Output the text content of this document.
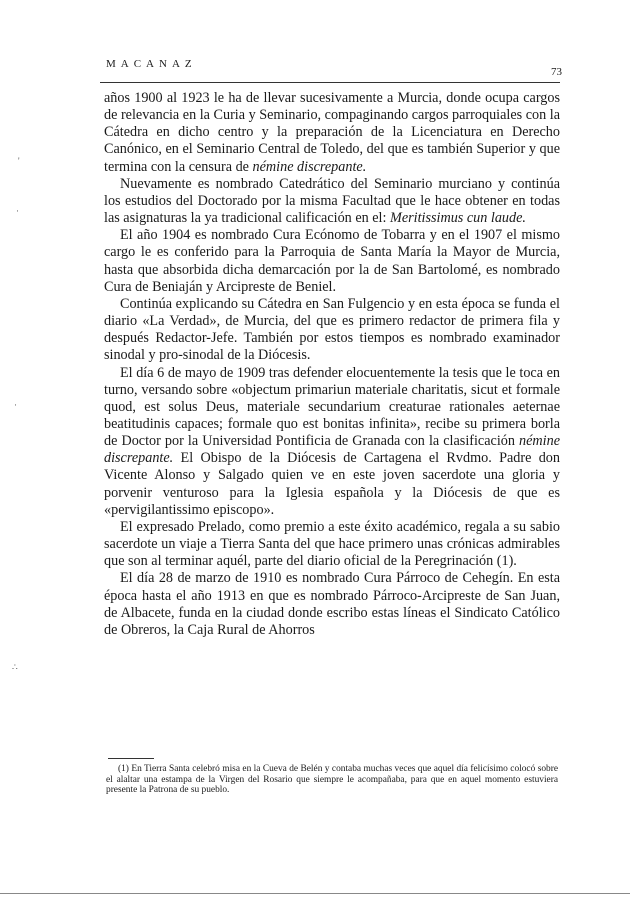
MACANAZ
73
'
·
·
∴

años 1900 al 1923 le ha de llevar sucesivamente a Murcia, donde ocupa cargos de relevancia en la Curia y Seminario, compaginando cargos parroquiales con la Cátedra en dicho centro y la preparación de la Licenciatura en Derecho Canónico, en el Seminario Central de Toledo, del que es también Superior y que termina con la censura de némine discrepante.

Nuevamente es nombrado Catedrático del Seminario murciano y continúa los estudios del Doctorado por la misma Facultad que le hace obtener en todas las asignaturas la ya tradicional calificación en el: Meritissimus cun laude.

El año 1904 es nombrado Cura Ecónomo de Tobarra y en el 1907 el mismo cargo le es conferido para la Parroquia de Santa María la Mayor de Murcia, hasta que absorbida dicha demarcación por la de San Bartolomé, es nombrado Cura de Beniaján y Arcipreste de Beniel.

Continúa explicando su Cátedra en San Fulgencio y en esta época se funda el diario «La Verdad», de Murcia, del que es primero redactor de primera fila y después Redactor-Jefe. También por estos tiempos es nombrado examinador sinodal y pro-sinodal de la Diócesis.

El día 6 de mayo de 1909 tras defender elocuentemente la tesis que le toca en turno, versando sobre «objectum primariun materiale charitatis, sicut et formale quod, est solus Deus, materiale secundarium creaturae rationales aeternae beatitudinis capaces; formale quo est bonitas infinita», recibe su primera borla de Doctor por la Universidad Pontificia de Granada con la clasificación némine discrepante. El Obispo de la Diócesis de Cartagena el Rvdmo. Padre don Vicente Alonso y Salgado quien ve en este joven sacerdote una gloria y porvenir venturoso para la Iglesia española y la Diócesis de que es «pervigilantissimo episcopo».

El expresado Prelado, como premio a este éxito académico, regala a su sabio sacerdote un viaje a Tierra Santa del que hace primero unas crónicas admirables que son al terminar aquél, parte del diario oficial de la Peregrinación (1).

El día 28 de marzo de 1910 es nombrado Cura Párroco de Cehegín. En esta época hasta el año 1913 en que es nombrado Párroco-Arcipreste de San Juan, de Albacete, funda en la ciudad donde escribo estas líneas el Sindicato Católico de Obreros, la Caja Rural de Ahorros

(1) En Tierra Santa celebró misa en la Cueva de Belén y contaba muchas veces que aquel día felicísimo colocó sobre el alaltar una estampa de la Virgen del Rosario que siempre le acompañaba, para que en aquel momento estuviera presente la Patrona de su pueblo.
